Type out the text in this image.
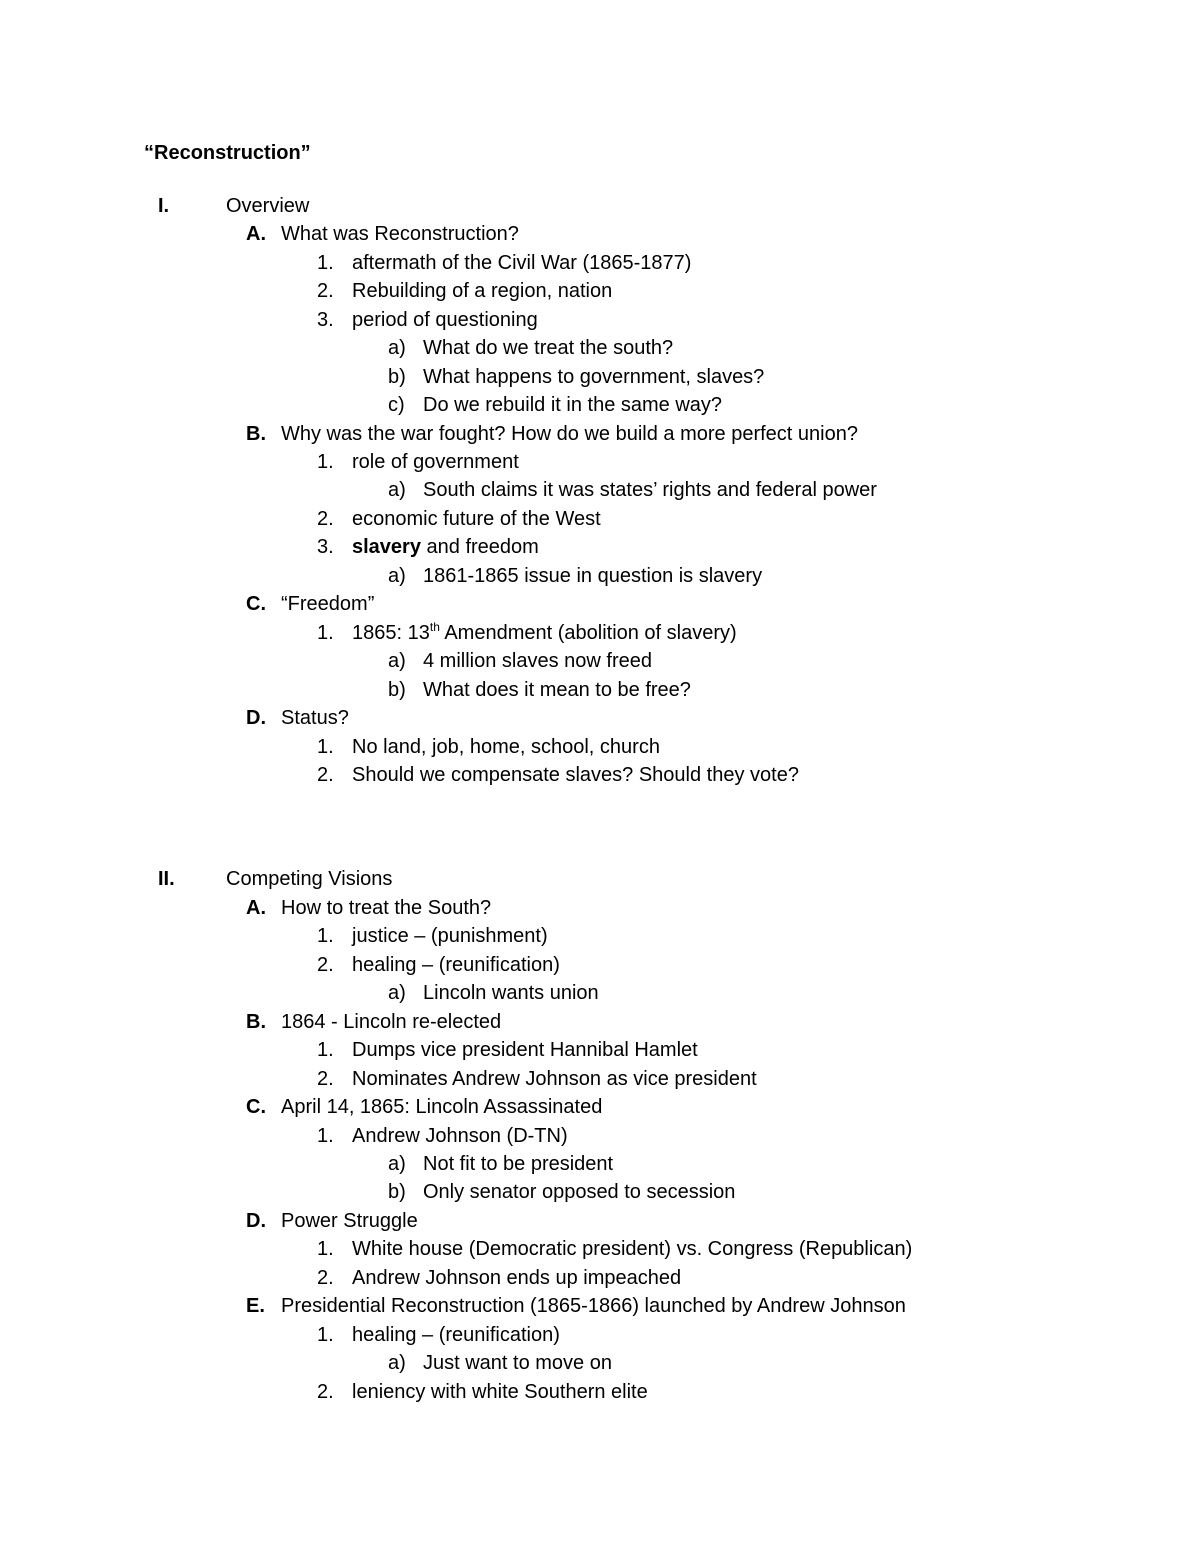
“Reconstruction”
I.	Overview
A. What was Reconstruction?
1. aftermath of the Civil War (1865-1877)
2. Rebuilding of a region, nation
3. period of questioning
a) What do we treat the south?
b) What happens to government, slaves?
c) Do we rebuild it in the same way?
B. Why was the war fought? How do we build a more perfect union?
1. role of government
a) South claims it was states’ rights and federal power
2. economic future of the West
3. slavery and freedom
a) 1861-1865 issue in question is slavery
C. “Freedom”
1. 1865: 13th Amendment (abolition of slavery)
a) 4 million slaves now freed
b) What does it mean to be free?
D. Status?
1. No land, job, home, school, church
2. Should we compensate slaves? Should they vote?
II.	Competing Visions
A. How to treat the South?
1. justice – (punishment)
2. healing – (reunification)
a) Lincoln wants union
B. 1864 - Lincoln re-elected
1. Dumps vice president Hannibal Hamlet
2. Nominates Andrew Johnson as vice president
C. April 14, 1865: Lincoln Assassinated
1. Andrew Johnson (D-TN)
a) Not fit to be president
b) Only senator opposed to secession
D. Power Struggle
1. White house (Democratic president) vs. Congress (Republican)
2. Andrew Johnson ends up impeached
E. Presidential Reconstruction (1865-1866) launched by Andrew Johnson
1. healing – (reunification)
a) Just want to move on
2. leniency with white Southern elite
